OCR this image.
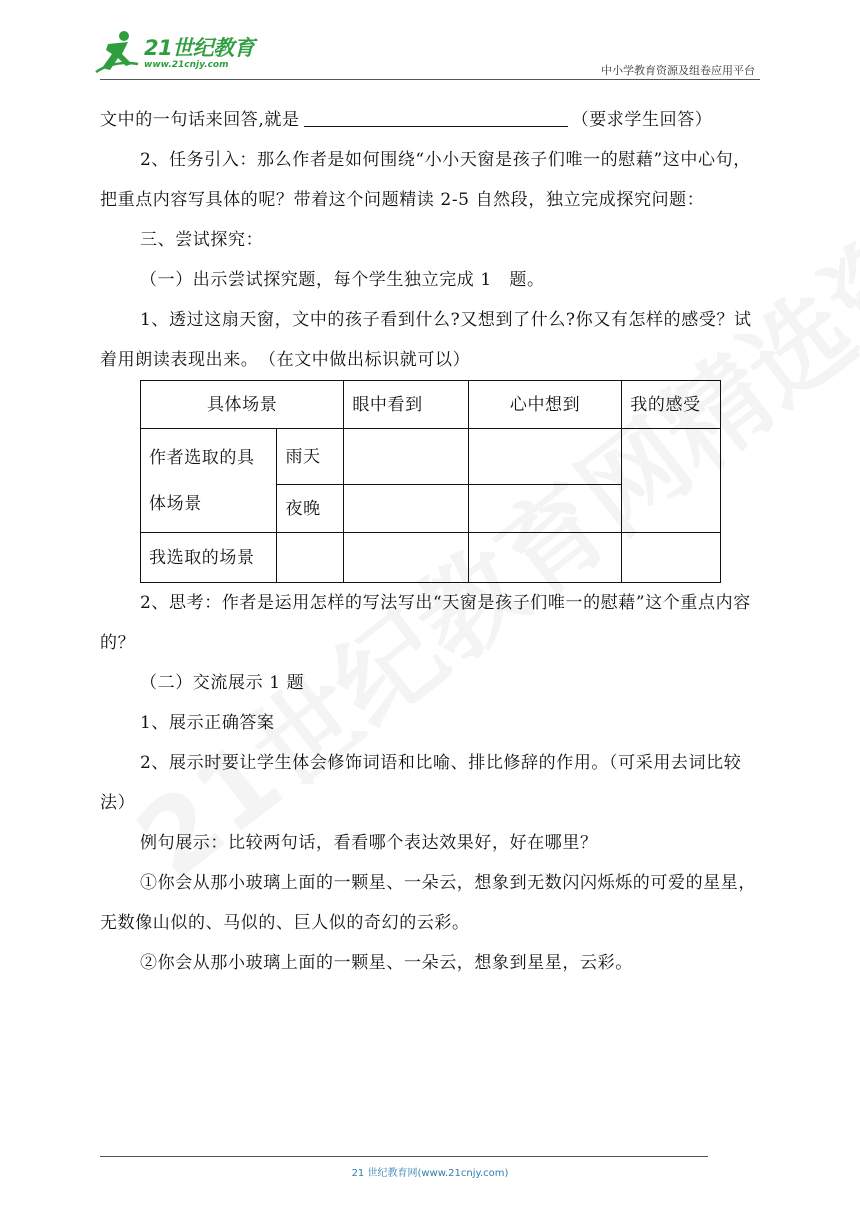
21世纪教育
www.21cnjy.com	中小学教育资源及组卷应用平台

文中的一句话来回答,就是	（要求学生回答）

2、任务引入：那么作者是如何围绕“小小天窗是孩子们唯一的慰藉”这中心句，把重点内容写具体的呢？带着这个问题精读 2-5 自然段，独立完成探究问题：

三、尝试探究：

（一）出示尝试探究题，每个学生独立完成 1　题。

1、透过这扇天窗，文中的孩子看到什么?又想到了什么?你又有怎样的感受？试着用朗读表现出来。　（在文中做出标识就可以）

具体场景		眼中看到	心中想到	我的感受
作者选取的具体场景	雨天			
	夜晚			
我选取的场景				

2、思考：作者是运用怎样的写法写出“天窗是孩子们唯一的慰藉”这个重点内容的？

（二）交流展示 1 题

1、展示正确答案

2、展示时要让学生体会修饰词语和比喻、排比修辞的作用。（可采用去词比较法）

例句展示：比较两句话，看看哪个表达效果好，好在哪里？

①你会从那小玻璃上面的一颗星、一朵云，想象到无数闪闪烁烁的可爱的星星，无数像山似的、马似的、巨人似的奇幻的云彩。

②你会从那小玻璃上面的一颗星、一朵云，想象到星星，云彩。

21 世纪教育网(www.21cnjy.com)
